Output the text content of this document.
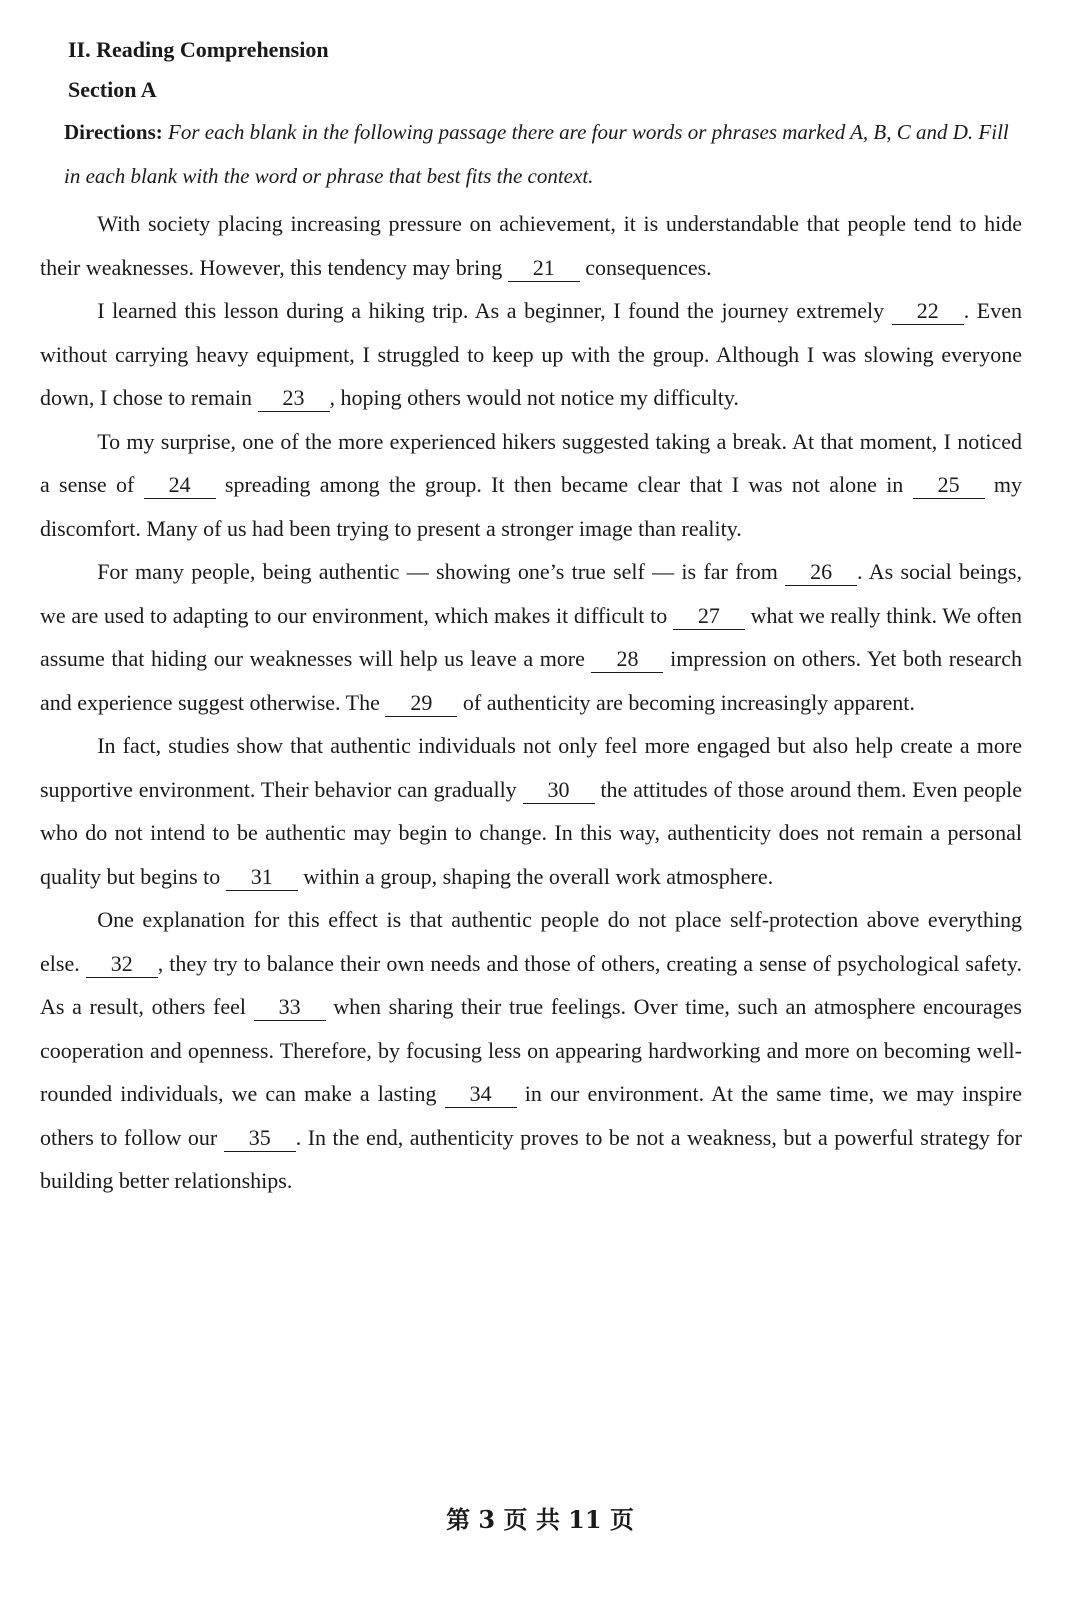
II. Reading Comprehension
Section A
Directions: For each blank in the following passage there are four words or phrases marked A, B, C and D. Fill in each blank with the word or phrase that best fits the context.

With society placing increasing pressure on achievement, it is understandable that people tend to hide their weaknesses. However, this tendency may bring 21 consequences.

I learned this lesson during a hiking trip. As a beginner, I found the journey extremely 22 . Even without carrying heavy equipment, I struggled to keep up with the group. Although I was slowing everyone down, I chose to remain 23 , hoping others would not notice my difficulty.

To my surprise, one of the more experienced hikers suggested taking a break. At that moment, I noticed a sense of 24 spreading among the group. It then became clear that I was not alone in 25 my discomfort. Many of us had been trying to present a stronger image than reality.

For many people, being authentic — showing one’s true self — is far from 26 . As social beings, we are used to adapting to our environment, which makes it difficult to 27 what we really think. We often assume that hiding our weaknesses will help us leave a more 28 impression on others. Yet both research and experience suggest otherwise. The 29 of authenticity are becoming increasingly apparent.

In fact, studies show that authentic individuals not only feel more engaged but also help create a more supportive environment. Their behavior can gradually 30 the attitudes of those around them. Even people who do not intend to be authentic may begin to change. In this way, authenticity does not remain a personal quality but begins to 31 within a group, shaping the overall work atmosphere.

One explanation for this effect is that authentic people do not place self-protection above everything else. 32 , they try to balance their own needs and those of others, creating a sense of psychological safety. As a result, others feel 33 when sharing their true feelings. Over time, such an atmosphere encourages cooperation and openness. Therefore, by focusing less on appearing hardworking and more on becoming well-rounded individuals, we can make a lasting 34 in our environment. At the same time, we may inspire others to follow our 35 . In the end, authenticity proves to be not a weakness, but a powerful strategy for building better relationships.

第 3 页 共 11 页
